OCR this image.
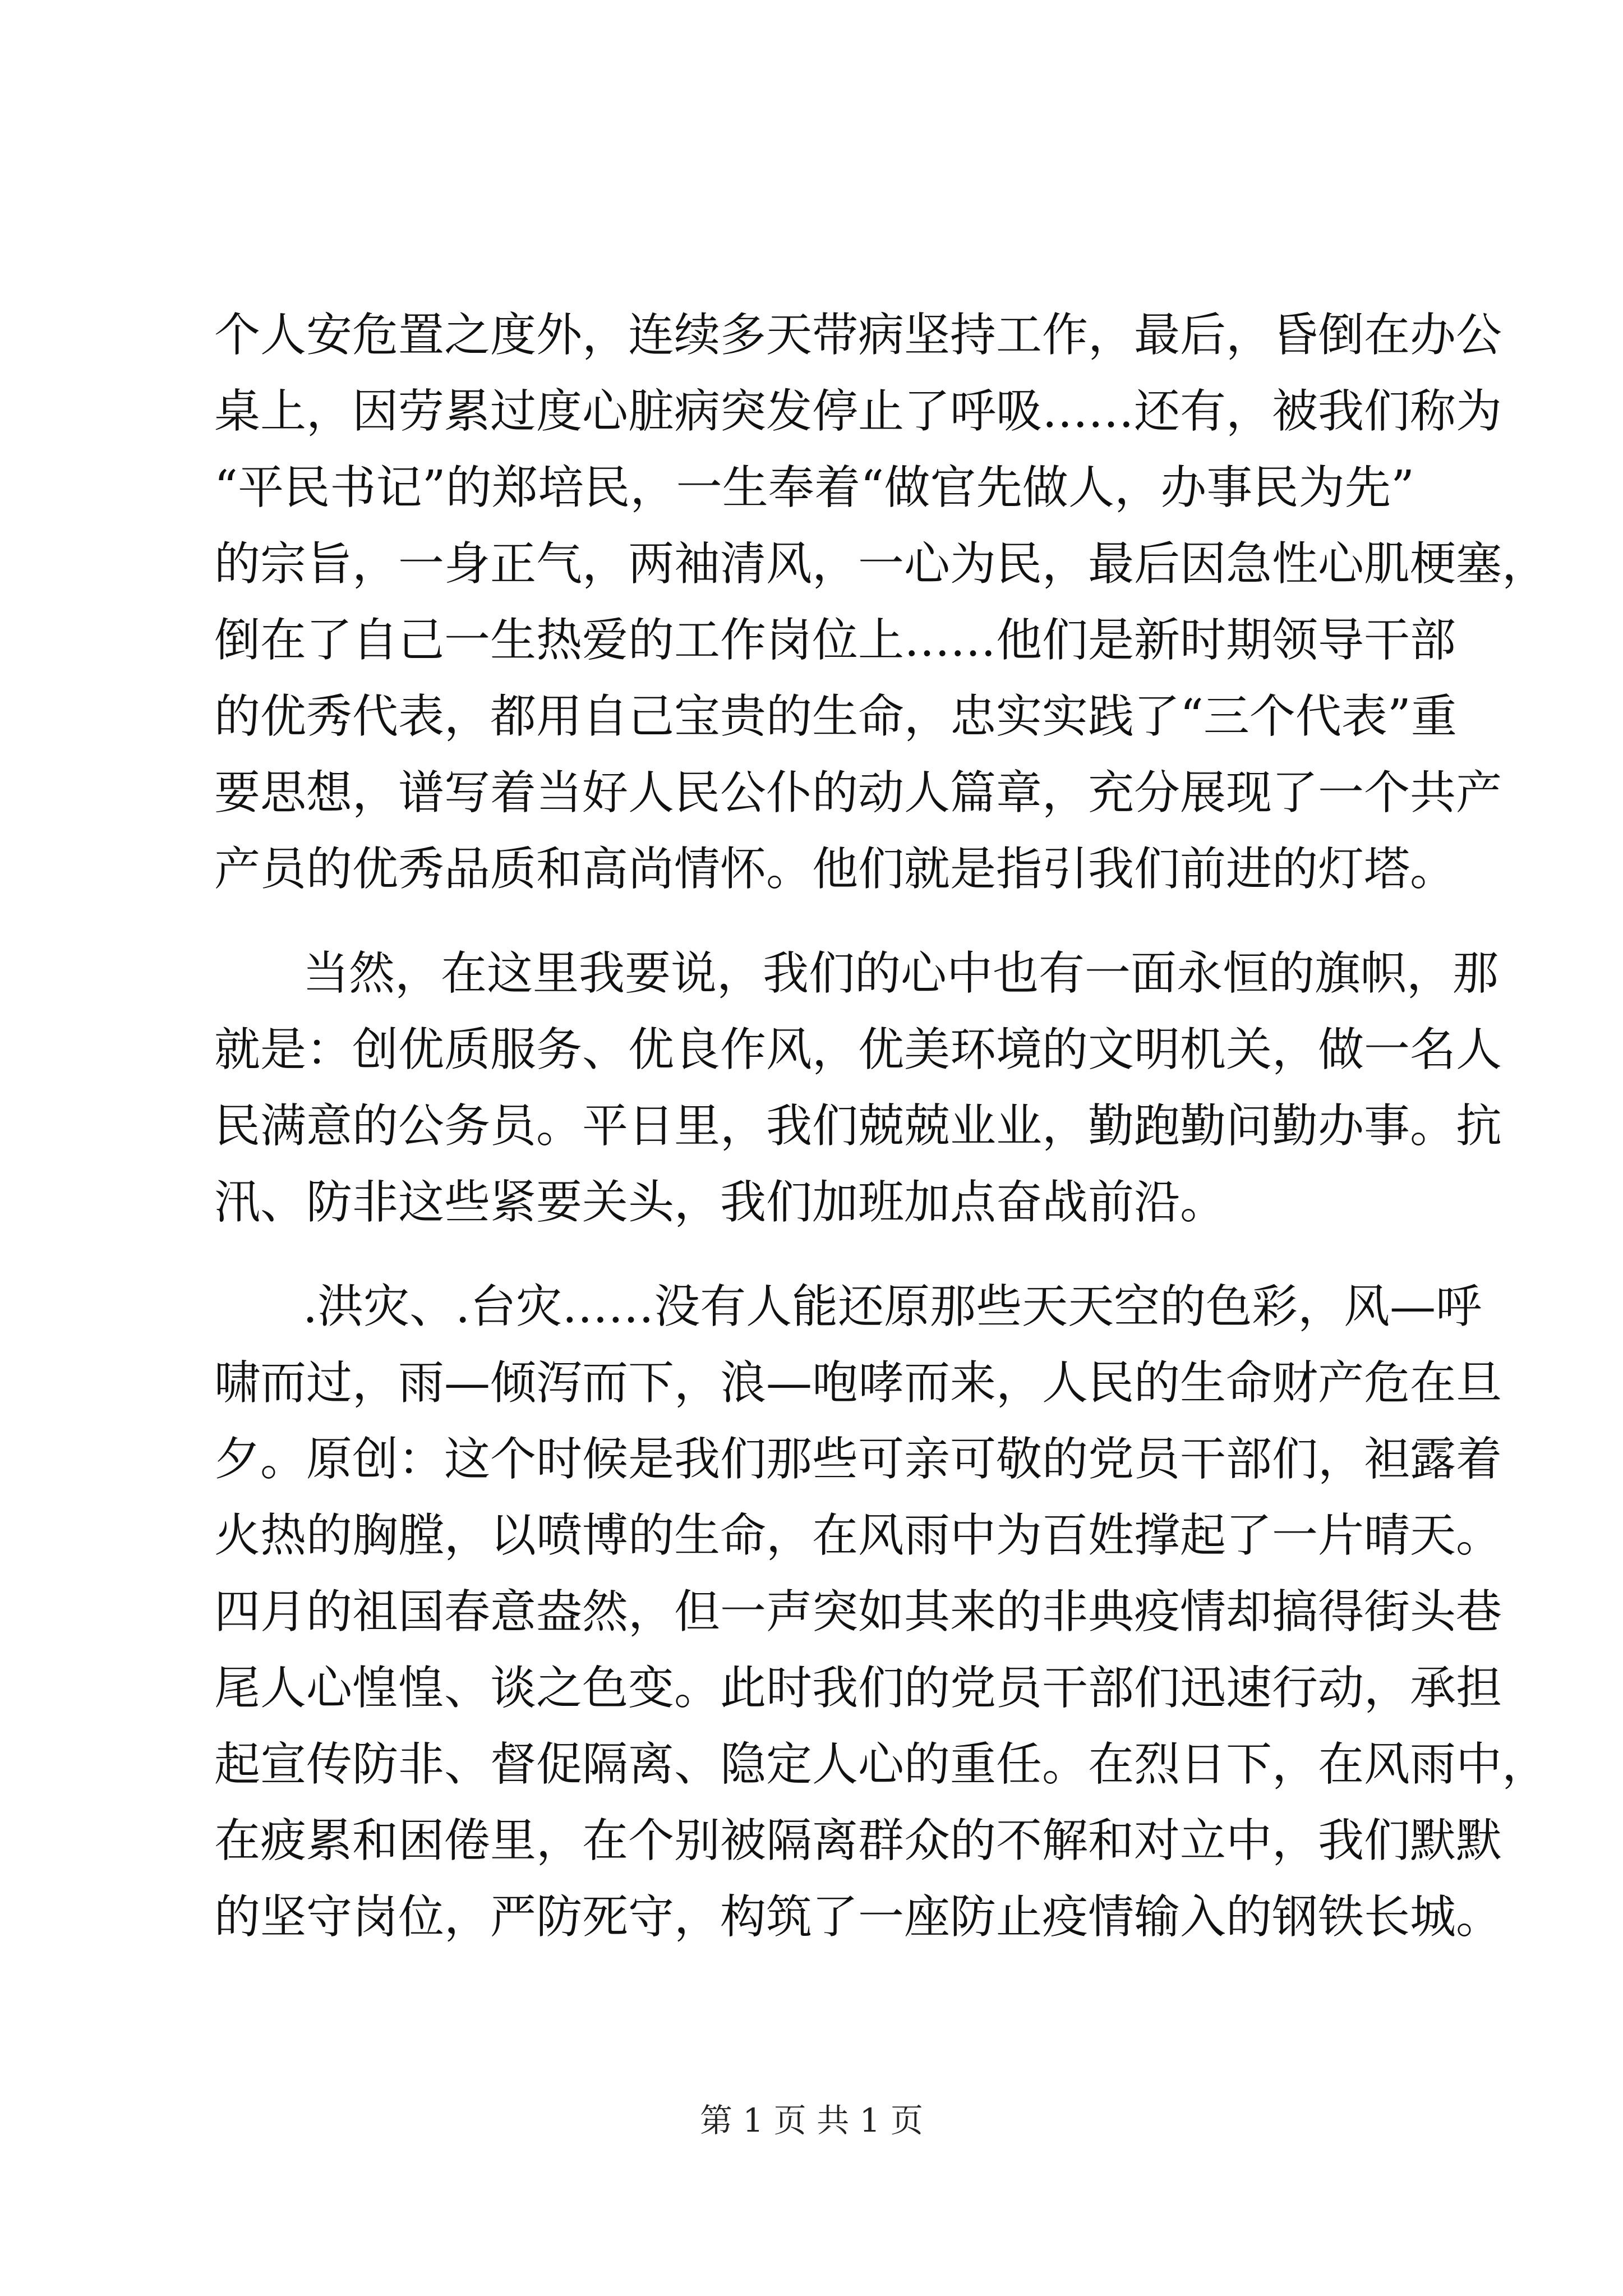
个人安危置之度外，连续多天带病坚持工作，最后，昏倒在办公
桌上，因劳累过度心脏病突发停止了呼吸……还有，被我们称为
“平民书记”的郑培民，一生奉着“做官先做人，办事民为先”
的宗旨，一身正气，两袖清风，一心为民，最后因急性心肌梗塞，
倒在了自己一生热爱的工作岗位上……他们是新时期领导干部
的优秀代表，都用自己宝贵的生命，忠实实践了“三个代表”重
要思想，谱写着当好人民公仆的动人篇章，充分展现了一个共产
产员的优秀品质和高尚情怀。他们就是指引我们前进的灯塔。
当然，在这里我要说，我们的心中也有一面永恒的旗帜，那
就是：创优质服务、优良作风，优美环境的文明机关，做一名人
民满意的公务员。平日里，我们兢兢业业，勤跑勤问勤办事。抗
汛、防非这些紧要关头，我们加班加点奋战前沿。
.洪灾、.台灾……没有人能还原那些天天空的色彩，风—呼
啸而过，雨—倾泻而下，浪—咆哮而来，人民的生命财产危在旦
夕。原创：这个时候是我们那些可亲可敬的党员干部们，袒露着
火热的胸膛，以喷博的生命，在风雨中为百姓撑起了一片晴天。
四月的祖国春意盎然，但一声突如其来的非典疫情却搞得街头巷
尾人心惶惶、谈之色变。此时我们的党员干部们迅速行动，承担
起宣传防非、督促隔离、隐定人心的重任。在烈日下，在风雨中，
在疲累和困倦里，在个别被隔离群众的不解和对立中，我们默默
的坚守岗位，严防死守，构筑了一座防止疫情输入的钢铁长城。
第 1 页 共 1 页
